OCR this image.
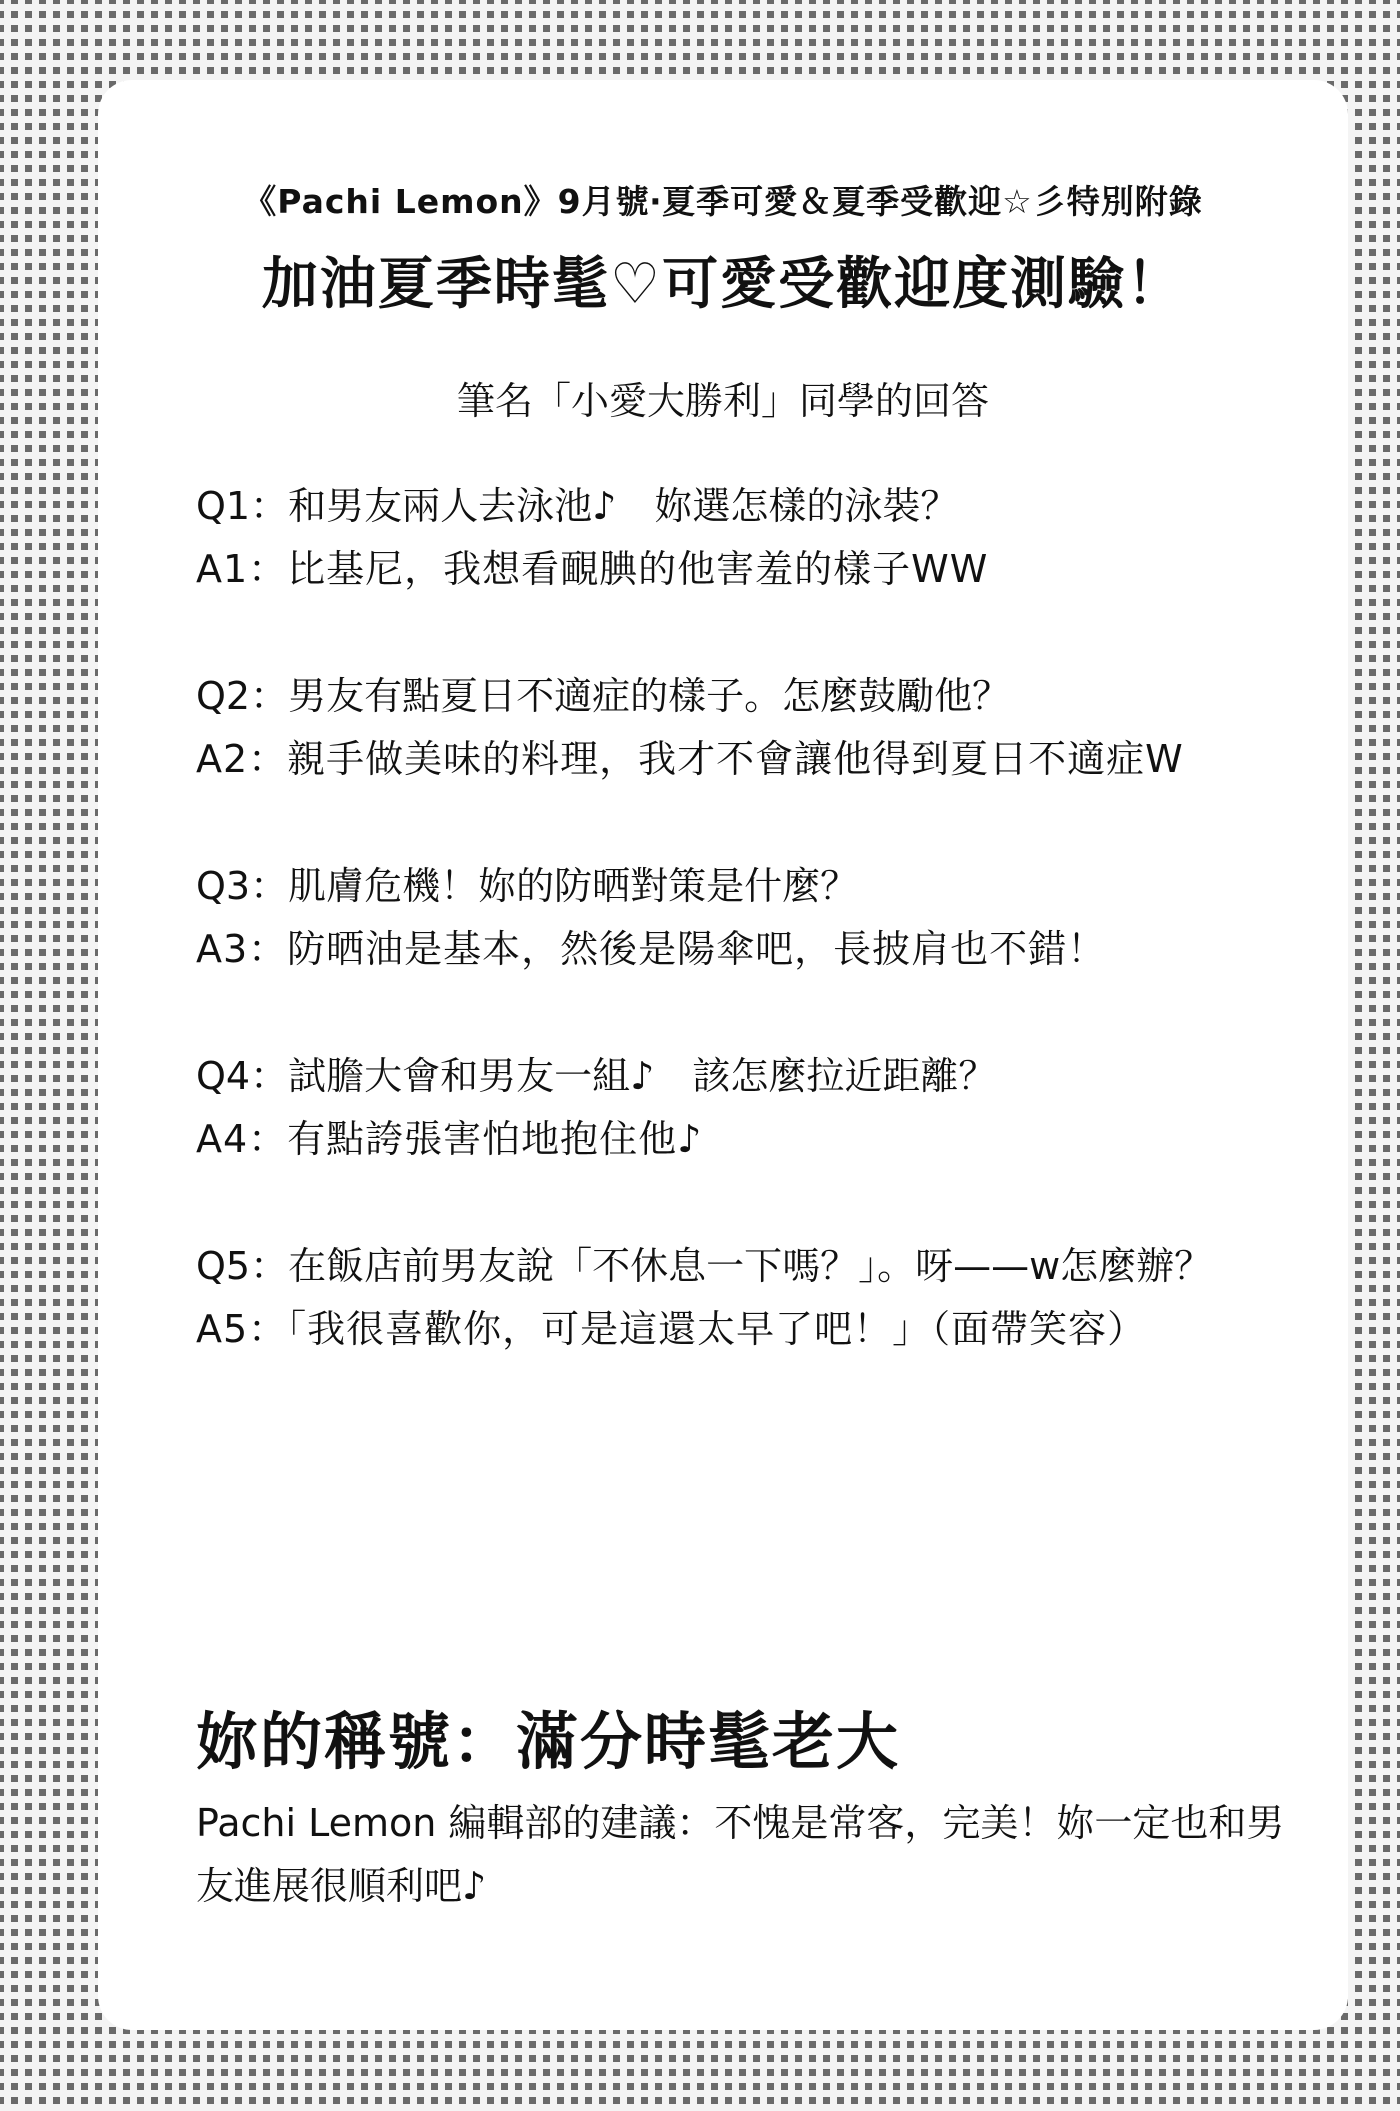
《Pachi Lemon》9月號‧夏季可愛＆夏季受歡迎☆彡特別附錄
加油夏季時髦♡可愛受歡迎度測驗！
筆名「小愛大勝利」同學的回答
Q1：和男友兩人去泳池♪　妳選怎樣的泳裝？
A1：比基尼，我想看靦腆的他害羞的樣子WW
Q2：男友有點夏日不適症的樣子。怎麼鼓勵他？
A2：親手做美味的料理，我才不會讓他得到夏日不適症W
Q3：肌膚危機！妳的防晒對策是什麼？
A3：防晒油是基本，然後是陽傘吧，長披肩也不錯！
Q4：試膽大會和男友一組♪　該怎麼拉近距離？
A4：有點誇張害怕地抱住他♪
Q5：在飯店前男友說「不休息一下嗎？」。呀——w怎麼辦？
A5：「我很喜歡你，可是這還太早了吧！」（面帶笑容）
妳的稱號：滿分時髦老大
Pachi Lemon 編輯部的建議：不愧是常客，完美！妳一定也和男友進展很順利吧♪
